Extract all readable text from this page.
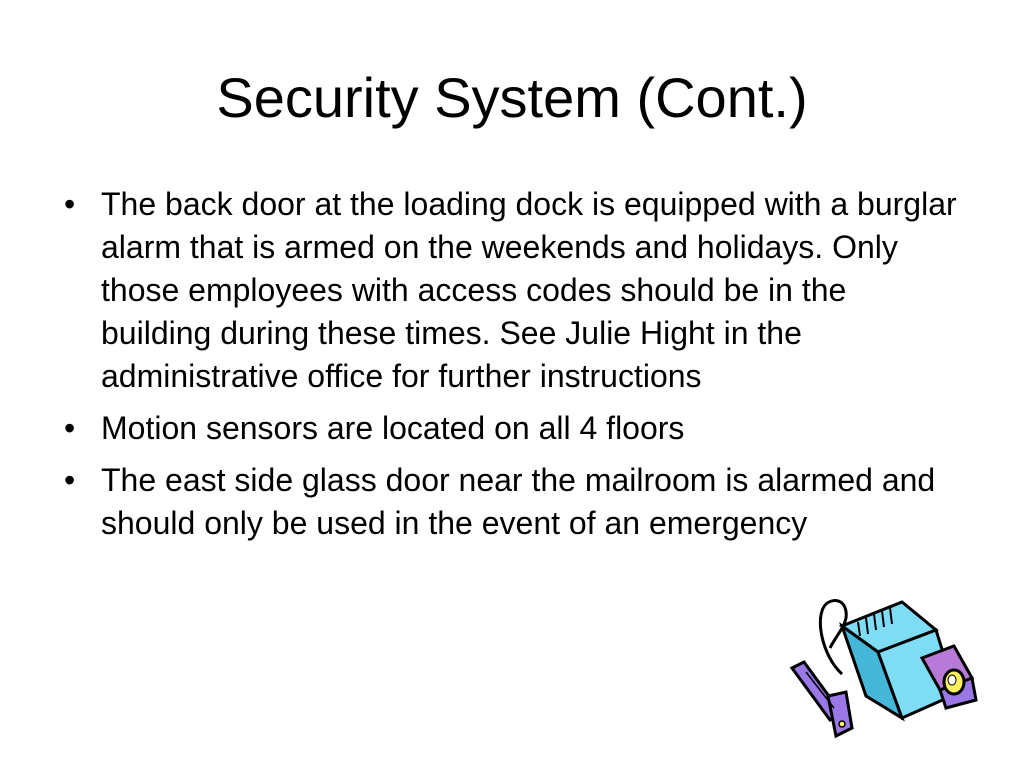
Security System (Cont.)
• The back door at the loading dock is equipped with a burglar alarm that is armed on the weekends and holidays. Only those employees with access codes should be in the building during these times. See Julie Hight in the administrative office for further instructions
• Motion sensors are located on all 4 floors
• The east side glass door near the mailroom is alarmed and should only be used in the event of an emergency
